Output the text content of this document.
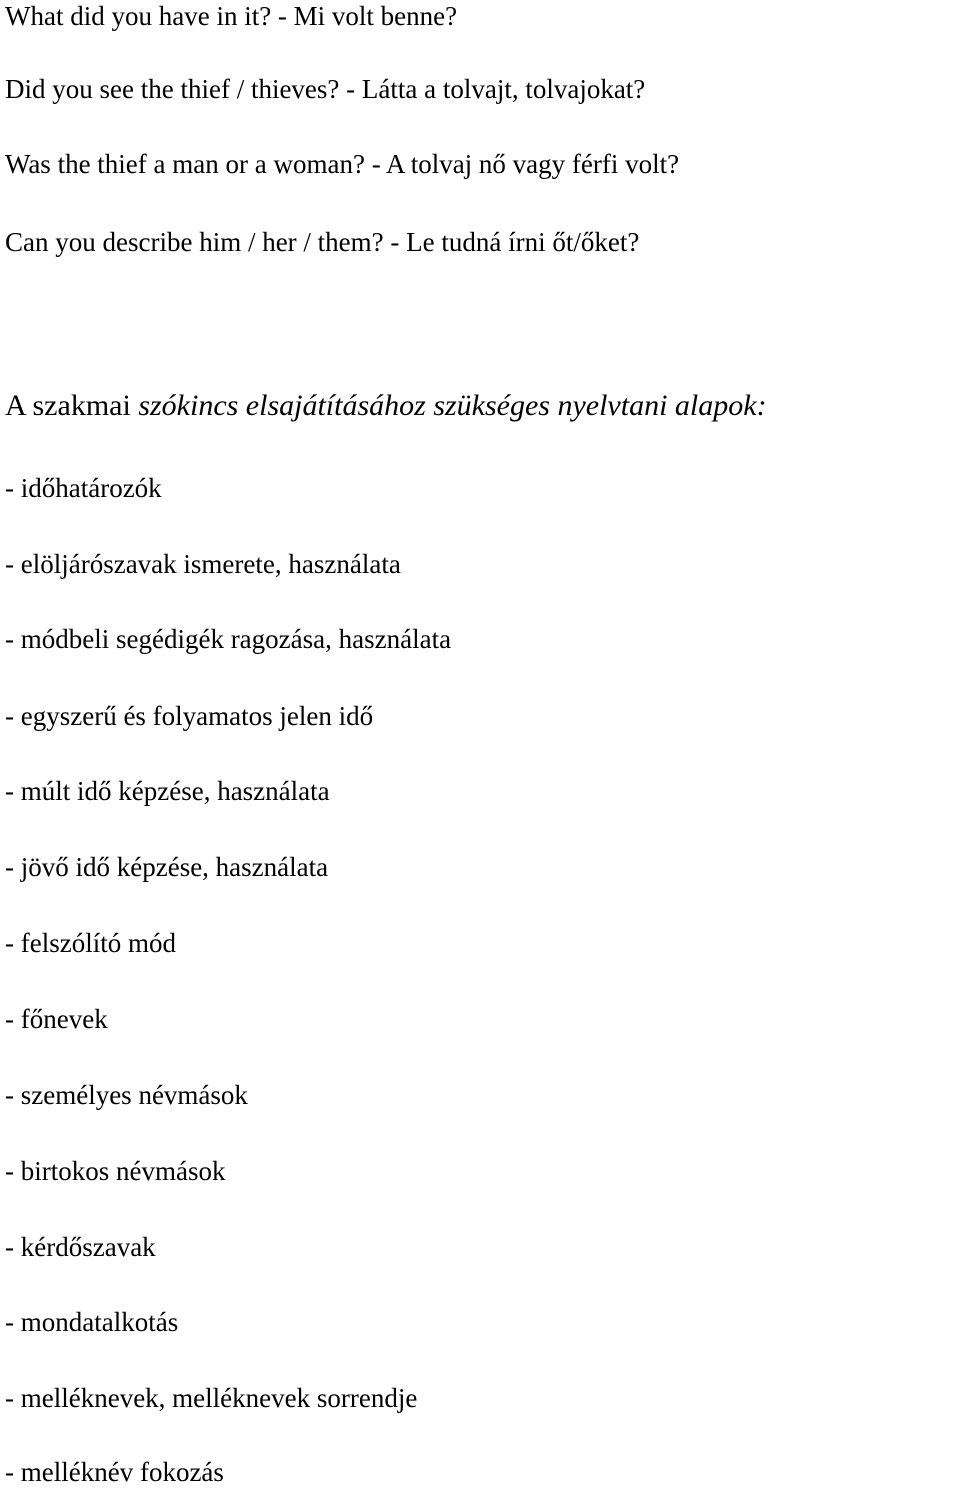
What did you have in it? - Mi volt benne?

Did you see the thief / thieves? - Látta a tolvajt, tolvajokat?

Was the thief a man or a woman? - A tolvaj nő vagy férfi volt?

Can you describe him / her / them? - Le tudná írni őt/őket?

A szakmai szókincs elsajátításához szükséges nyelvtani alapok:

- időhatározók

- elöljárószavak ismerete, használata

- módbeli segédigék ragozása, használata

- egyszerű és folyamatos jelen idő

- múlt idő képzése, használata

- jövő idő képzése, használata

- felszólító mód

- főnevek

- személyes névmások

- birtokos névmások

- kérdőszavak

- mondatalkotás

- melléknevek, melléknevek sorrendje

- melléknév fokozás
